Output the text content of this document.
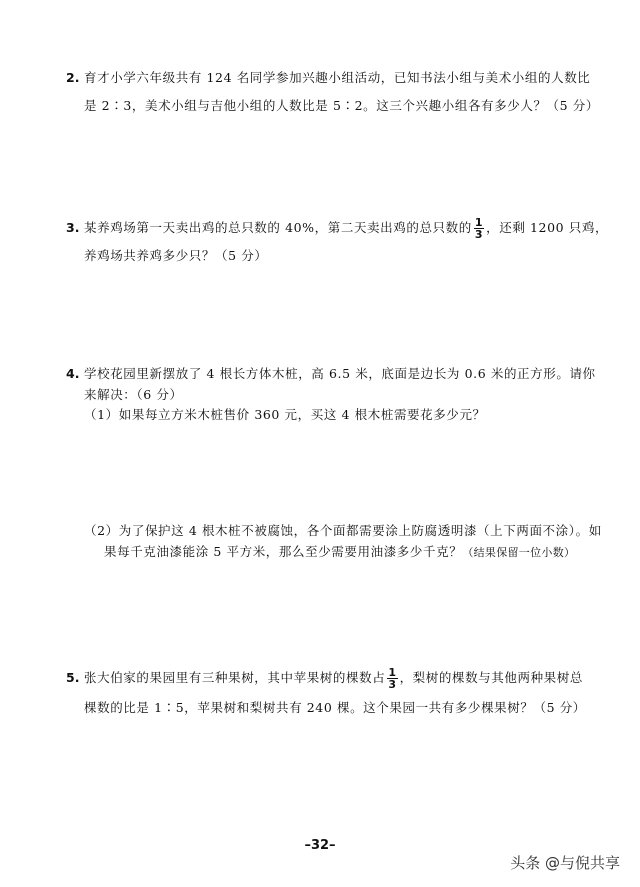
2. 育才小学六年级共有 124 名同学参加兴趣小组活动，已知书法小组与美术小组的人数比
是 2∶3，美术小组与吉他小组的人数比是 5∶2。这三个兴趣小组各有多少人？（5 分）
3. 某养鸡场第一天卖出鸡的总只数的 40%，第二天卖出鸡的总只数的 $\frac{1}{3}$ ，还剩 1200 只鸡，
养鸡场共养鸡多少只？（5 分）
4. 学校花园里新摆放了 4 根长方体木桩，高 6.5 米，底面是边长为 0.6 米的正方形。请你
来解决：（6 分）
（1）如果每立方米木桩售价 360 元，买这 4 根木桩需要花多少元？
（2）为了保护这 4 根木桩不被腐蚀，各个面都需要涂上防腐透明漆（上下两面不涂）。如
果每千克油漆能涂 5 平方米，那么至少需要用油漆多少千克？（结果保留一位小数）
5. 张大伯家的果园里有三种果树，其中苹果树的棵数占 $\frac{1}{3}$ ，梨树的棵数与其他两种果树总
棵数的比是 1∶5，苹果树和梨树共有 240 棵。这个果园一共有多少棵果树？（5 分）
–32–
头条 @与倪共享
